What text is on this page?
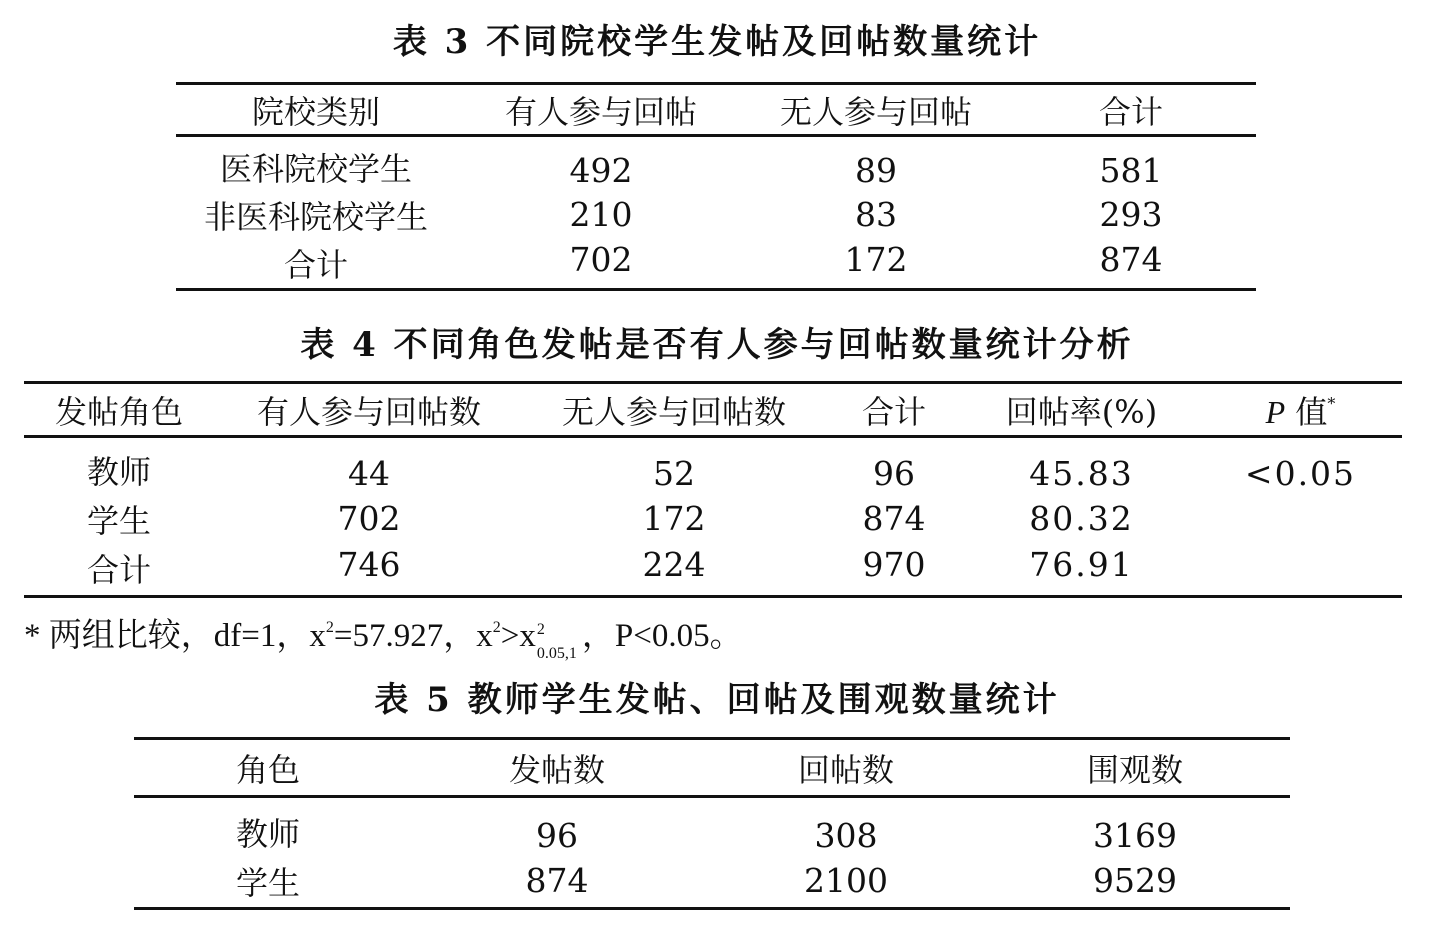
表 3 不同院校学生发帖及回帖数量统计
院校类别	有人参与回帖	无人参与回帖	合计
医科院校学生	492	89	581
非医科院校学生	210	83	293
合计	702	172	874
表 4 不同角色发帖是否有人参与回帖数量统计分析
发帖角色	有人参与回帖数	无人参与回帖数	合计	回帖率(%)	P 值*
教师	44	52	96	45.83	<0.05
学生	702	172	874	80.32	
合计	746	224	970	76.91	
* 两组比较，df=1，$x^2=57.927$，$x^2>x$ 2
0.05,1 ，P<0.05。
表 5 教师学生发帖、回帖及围观数量统计
角色	发帖数	回帖数	围观数
教师	96	308	3169
学生	874	2100	9529
